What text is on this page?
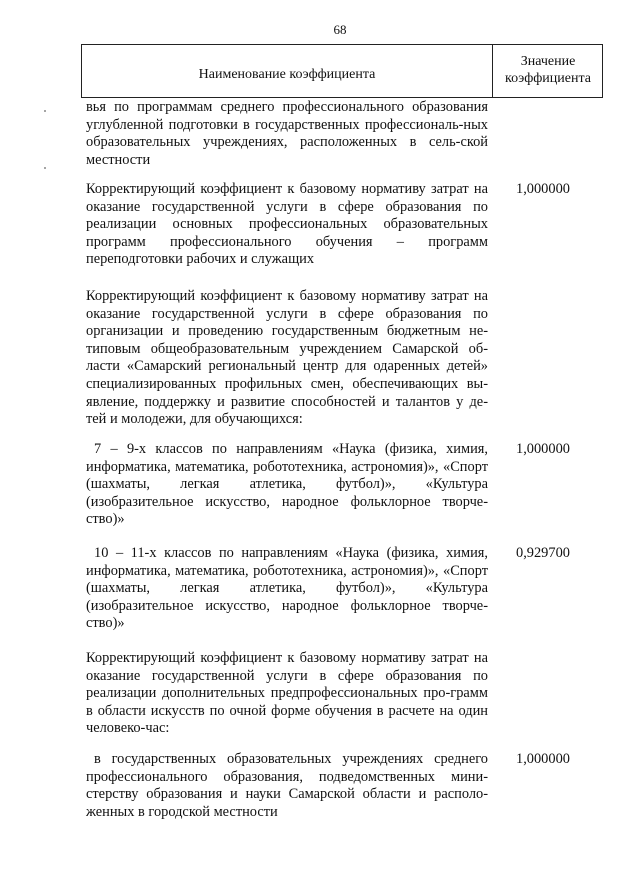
68
Наименование коэффициента
Значение коэффициента
вья по программам среднего профессионального образования углубленной подготовки в государственных профессиональ-ных образовательных учреждениях, расположенных в сель-ской местности
Корректирующий коэффициент к базовому нормативу затрат на оказание государственной услуги в сфере образования по реализации основных профессиональных образовательных программ профессионального обучения – программ переподготовки рабочих и служащих
1,000000
Корректирующий коэффициент к базовому нормативу затрат на оказание государственной услуги в сфере образования по организации и проведению государственным бюджетным не-типовым общеобразовательным учреждением Самарской об-ласти «Самарский региональный центр для одаренных детей» специализированных профильных смен, обеспечивающих вы-явление, поддержку и развитие способностей и талантов у де-тей и молодежи, для обучающихся:
7 – 9-х классов по направлениям «Наука (физика, химия, информатика, математика, робототехника, астрономия)», «Спорт (шахматы, легкая атлетика, футбол)», «Культура (изобразительное искусство, народное фольклорное творче-ство)»
1,000000
10 – 11-х классов по направлениям «Наука (физика, химия, информатика, математика, робототехника, астрономия)», «Спорт (шахматы, легкая атлетика, футбол)», «Культура (изобразительное искусство, народное фольклорное творче-ство)»
0,929700
Корректирующий коэффициент к базовому нормативу затрат на оказание государственной услуги в сфере образования по реализации дополнительных предпрофессиональных про-грамм в области искусств по очной форме обучения в расчете на один человеко-час:
в государственных образовательных учреждениях среднего профессионального образования, подведомственных мини-стерству образования и науки Самарской области и располо-женных в городской местности
1,000000
